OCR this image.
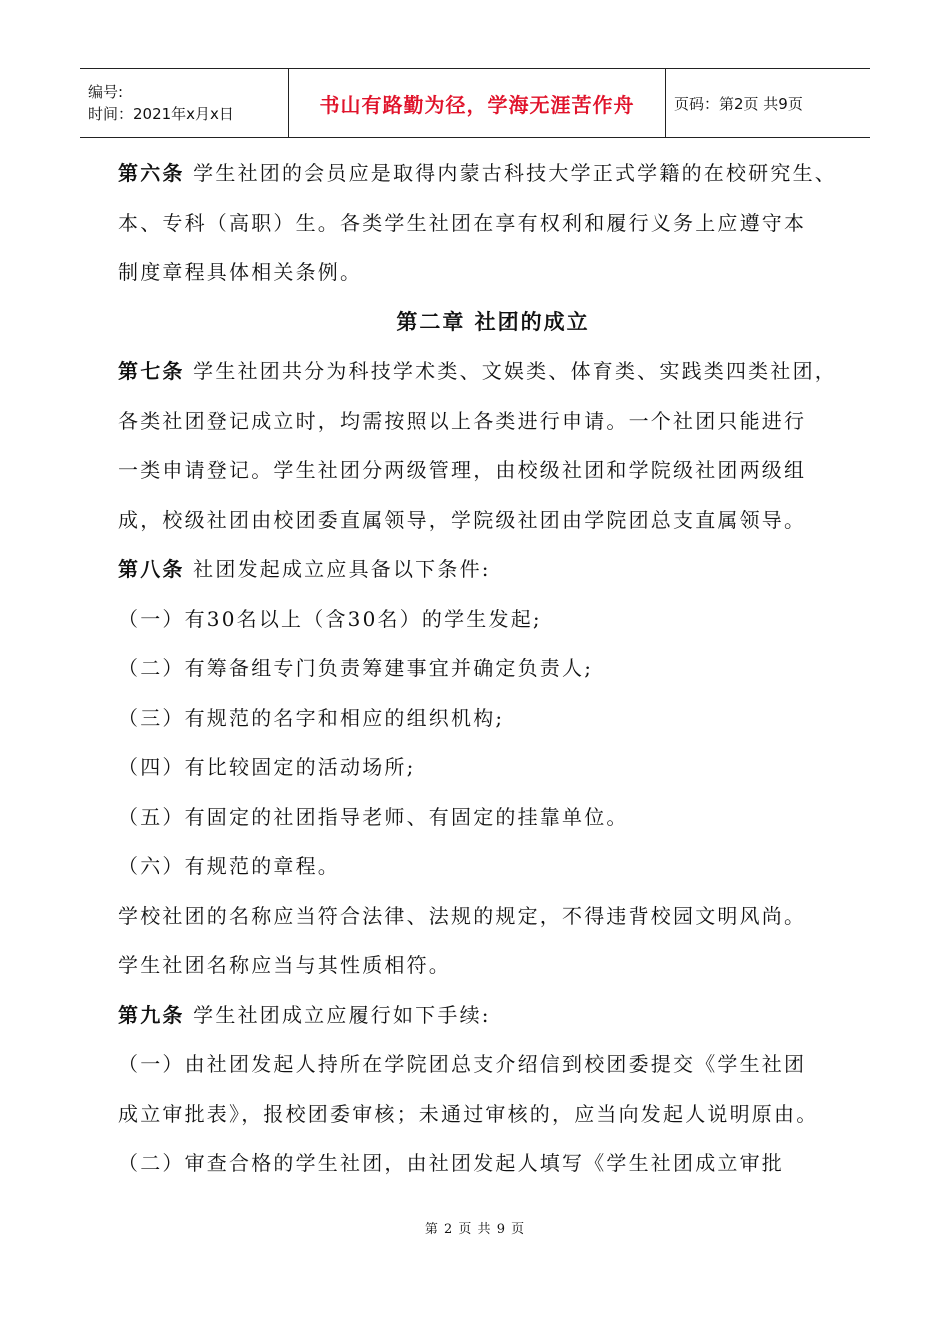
编号:
时间：2021年x月x日	书山有路勤为径，学海无涯苦作舟	页码：第2页 共9页
第六条 学生社团的会员应是取得内蒙古科技大学正式学籍的在校研究生、
本、专科（高职）生。各类学生社团在享有权利和履行义务上应遵守本
制度章程具体相关条例。
第二章 社团的成立
第七条 学生社团共分为科技学术类、文娱类、体育类、实践类四类社团，
各类社团登记成立时，均需按照以上各类进行申请。一个社团只能进行
一类申请登记。学生社团分两级管理，由校级社团和学院级社团两级组
成，校级社团由校团委直属领导，学院级社团由学院团总支直属领导。
第八条 社团发起成立应具备以下条件:
（一）有30名以上（含30名）的学生发起;
（二）有筹备组专门负责筹建事宜并确定负责人;
（三）有规范的名字和相应的组织机构;
（四）有比较固定的活动场所;
（五）有固定的社团指导老师、有固定的挂靠单位。
（六）有规范的章程。
学校社团的名称应当符合法律、法规的规定，不得违背校园文明风尚。
学生社团名称应当与其性质相符。
第九条 学生社团成立应履行如下手续:
（一）由社团发起人持所在学院团总支介绍信到校团委提交《学生社团
成立审批表》，报校团委审核；未通过审核的，应当向发起人说明原由。
（二）审查合格的学生社团，由社团发起人填写《学生社团成立审批
第 2 页 共 9 页
